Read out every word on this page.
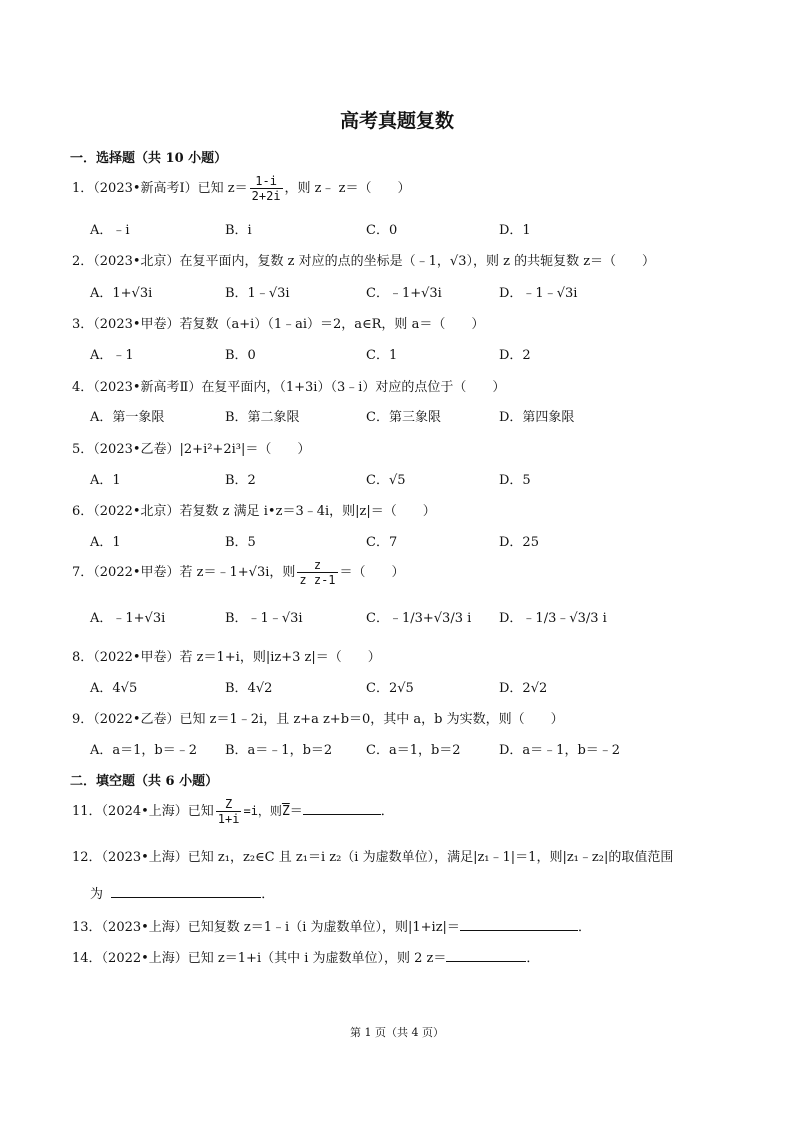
高考真题复数
一．选择题（共 10 小题）
1．（2023•新高考Ⅰ）已知 $z= \frac{1-i}{2+2i}$ ，则 z﹣ z＝（　　）
A．﹣i	B．i	C．0	D．1
2．（2023•北京）在复平面内，复数 z 对应的点的坐标是（﹣1，√3），则 z 的共轭复数 z＝（　　）
A．1+√3i	B．1﹣√3i	C．﹣1+√3i	D．﹣1﹣√3i
3．（2023•甲卷）若复数（a+i）（1﹣ai）＝2，a∈R，则 a＝（　　）
A．﹣1	B．0	C．1	D．2
4．（2023•新高考Ⅱ）在复平面内，（1+3i）（3﹣i）对应的点位于（　　）
A．第一象限	B．第二象限	C．第三象限	D．第四象限
5．（2023•乙卷）|2+i²+2i³|＝（　　）
A．1	B．2	C．√5	D．5
6．（2022•北京）若复数 z 满足 i•z＝3﹣4i，则|z|＝（　　）
A．1	B．5	C．7	D．25
7．（2022•甲卷）若 z＝﹣1+√3i，则 $\frac{z}{\text{z z-1}}$ ＝（　　）
A．﹣1+√3i	B．﹣1﹣√3i	C．﹣1/3+√3/3 i D．﹣1/3﹣√3/3 i
8．（2022•甲卷）若 z＝1+i，则|iz+3 z|＝（　　）
A．4√5	B．4√2	C．2√5	D．2√2
9．（2022•乙卷）已知 z＝1﹣2i，且 z+a z+b＝0，其中 a，b 为实数，则（　　）
A．a＝1，b＝﹣2 B．a＝﹣1，b＝2	C．a＝1，b＝2	D．a＝﹣1，b＝﹣2
二．填空题（共 6 小题）
11．（2024•上海）已知 $\frac{Z}{1+i} =i$，则$\overline{Z}=$	．
12．（2023•上海）已知 z₁，z₂∈C 且 z₁＝i z₂（i 为虚数单位），满足|z₁﹣1|＝1，则|z₁﹣z₂|的取值范围
为	．
13．（2023•上海）已知复数 z＝1﹣i（i 为虚数单位），则|1+iz|＝	．
14．（2022•上海）已知 z＝1+i（其中 i 为虚数单位），则 2 z＝	．
第 1 页（共 4 页）
